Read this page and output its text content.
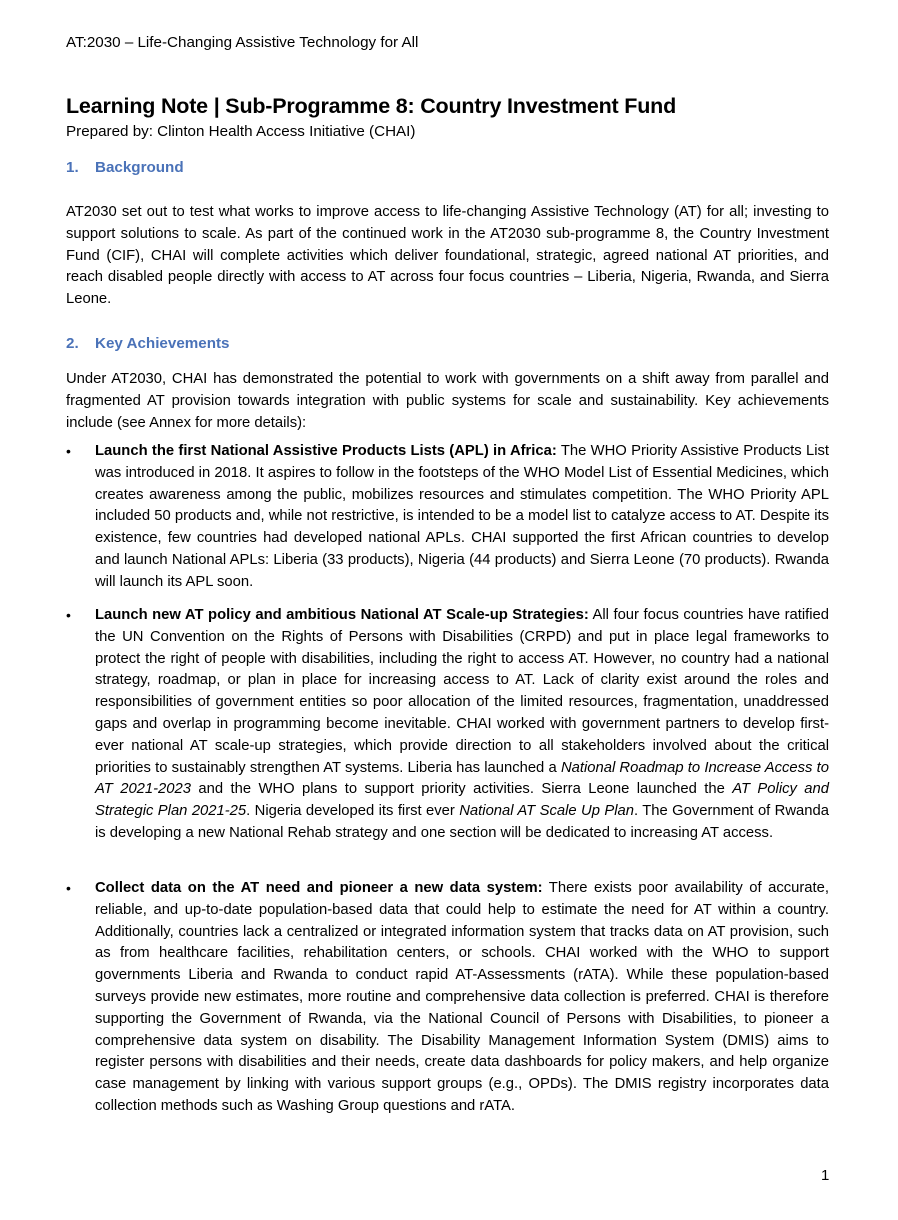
AT:2030 – Life-Changing Assistive Technology for All
Learning Note | Sub-Programme 8: Country Investment Fund
Prepared by: Clinton Health Access Initiative (CHAI)
1. Background
AT2030 set out to test what works to improve access to life-changing Assistive Technology (AT) for all; investing to support solutions to scale. As part of the continued work in the AT2030 sub-programme 8, the Country Investment Fund (CIF), CHAI will complete activities which deliver foundational, strategic, agreed national AT priorities, and reach disabled people directly with access to AT across four focus countries – Liberia, Nigeria, Rwanda, and Sierra Leone.
2. Key Achievements
Under AT2030, CHAI has demonstrated the potential to work with governments on a shift away from parallel and fragmented AT provision towards integration with public systems for scale and sustainability. Key achievements include (see Annex for more details):
• Launch the first National Assistive Products Lists (APL) in Africa: The WHO Priority Assistive Products List was introduced in 2018. It aspires to follow in the footsteps of the WHO Model List of Essential Medicines, which creates awareness among the public, mobilizes resources and stimulates competition. The WHO Priority APL included 50 products and, while not restrictive, is intended to be a model list to catalyze access to AT. Despite its existence, few countries had developed national APLs. CHAI supported the first African countries to develop and launch National APLs: Liberia (33 products), Nigeria (44 products) and Sierra Leone (70 products). Rwanda will launch its APL soon.
• Launch new AT policy and ambitious National AT Scale-up Strategies: All four focus countries have ratified the UN Convention on the Rights of Persons with Disabilities (CRPD) and put in place legal frameworks to protect the right of people with disabilities, including the right to access AT. However, no country had a national strategy, roadmap, or plan in place for increasing access to AT. Lack of clarity exist around the roles and responsibilities of government entities so poor allocation of the limited resources, fragmentation, unaddressed gaps and overlap in programming become inevitable. CHAI worked with government partners to develop first-ever national AT scale-up strategies, which provide direction to all stakeholders involved about the critical priorities to sustainably strengthen AT systems. Liberia has launched a National Roadmap to Increase Access to AT 2021-2023 and the WHO plans to support priority activities. Sierra Leone launched the AT Policy and Strategic Plan 2021-25. Nigeria developed its first ever National AT Scale Up Plan. The Government of Rwanda is developing a new National Rehab strategy and one section will be dedicated to increasing AT access.
• Collect data on the AT need and pioneer a new data system: There exists poor availability of accurate, reliable, and up-to-date population-based data that could help to estimate the need for AT within a country. Additionally, countries lack a centralized or integrated information system that tracks data on AT provision, such as from healthcare facilities, rehabilitation centers, or schools. CHAI worked with the WHO to support governments Liberia and Rwanda to conduct rapid AT-Assessments (rATA). While these population-based surveys provide new estimates, more routine and comprehensive data collection is preferred. CHAI is therefore supporting the Government of Rwanda, via the National Council of Persons with Disabilities, to pioneer a comprehensive data system on disability. The Disability Management Information System (DMIS) aims to register persons with disabilities and their needs, create data dashboards for policy makers, and help organize case management by linking with various support groups (e.g., OPDs). The DMIS registry incorporates data collection methods such as Washing Group questions and rATA.
1
